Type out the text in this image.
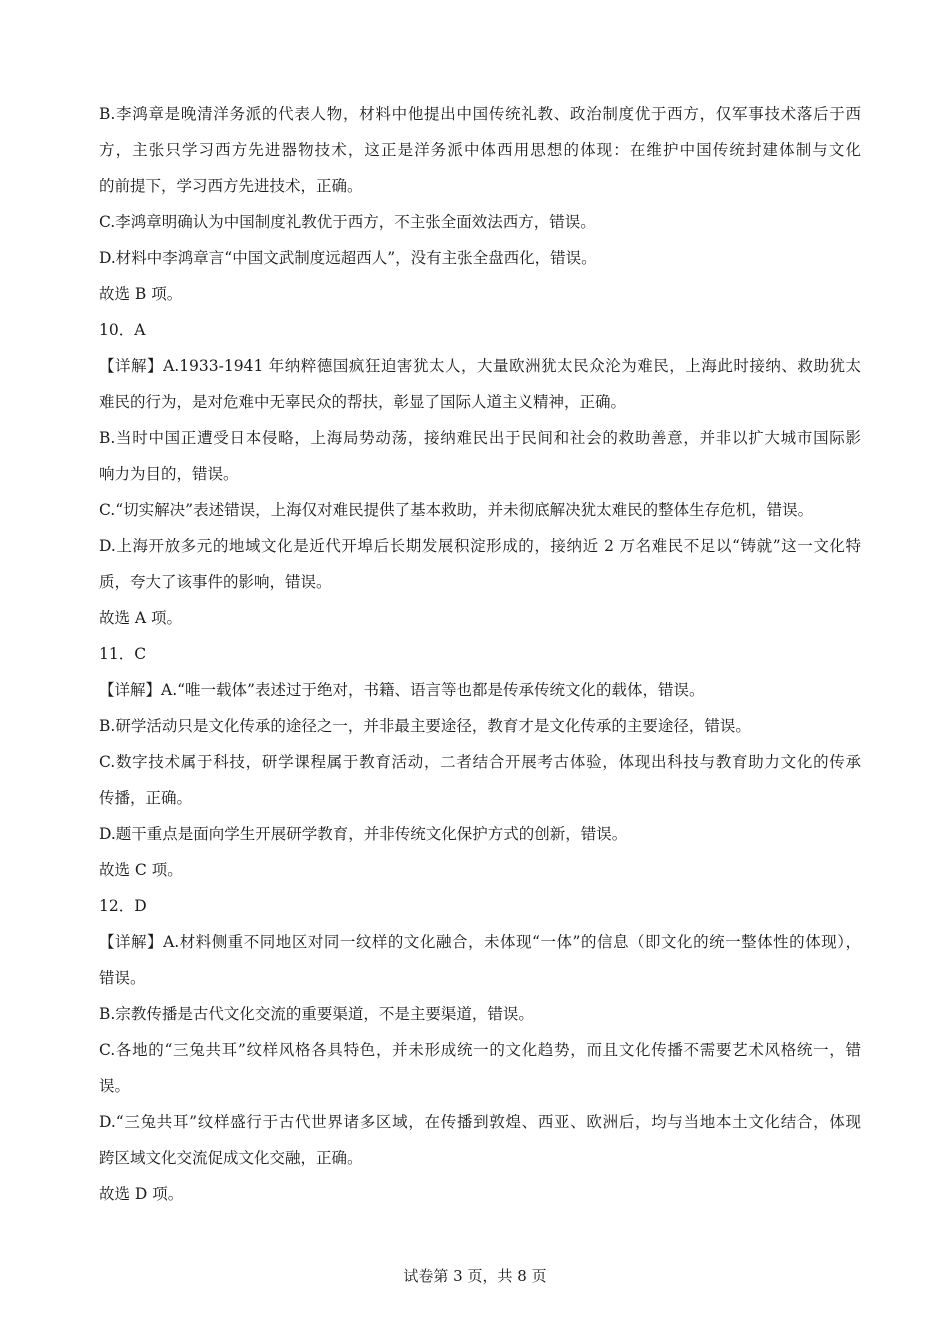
B.李鸿章是晚清洋务派的代表人物，材料中他提出中国传统礼教、政治制度优于西方，仅军事技术落后于西
方，主张只学习西方先进器物技术，这正是洋务派中体西用思想的体现：在维护中国传统封建体制与文化
的前提下，学习西方先进技术，正确。
C.李鸿章明确认为中国制度礼教优于西方，不主张全面效法西方，错误。
D.材料中李鸿章言“中国文武制度远超西人”，没有主张全盘西化，错误。
故选 B 项。
10．A
【详解】A.1933-1941 年纳粹德国疯狂迫害犹太人，大量欧洲犹太民众沦为难民，上海此时接纳、救助犹太
难民的行为，是对危难中无辜民众的帮扶，彰显了国际人道主义精神，正确。
B.当时中国正遭受日本侵略，上海局势动荡，接纳难民出于民间和社会的救助善意，并非以扩大城市国际影
响力为目的，错误。
C.“切实解决”表述错误，上海仅对难民提供了基本救助，并未彻底解决犹太难民的整体生存危机，错误。
D.上海开放多元的地域文化是近代开埠后长期发展积淀形成的，接纳近 2 万名难民不足以“铸就”这一文化特
质，夸大了该事件的影响，错误。
故选 A 项。
11．C
【详解】A.“唯一载体”表述过于绝对，书籍、语言等也都是传承传统文化的载体，错误。
B.研学活动只是文化传承的途径之一，并非最主要途径，教育才是文化传承的主要途径，错误。
C.数字技术属于科技，研学课程属于教育活动，二者结合开展考古体验，体现出科技与教育助力文化的传承
传播，正确。
D.题干重点是面向学生开展研学教育，并非传统文化保护方式的创新，错误。
故选 C 项。
12．D
【详解】A.材料侧重不同地区对同一纹样的文化融合，未体现“一体”的信息（即文化的统一整体性的体现），
错误。
B.宗教传播是古代文化交流的重要渠道，不是主要渠道，错误。
C.各地的“三兔共耳”纹样风格各具特色，并未形成统一的文化趋势，而且文化传播不需要艺术风格统一，错
误。
D.“三兔共耳”纹样盛行于古代世界诸多区域，在传播到敦煌、西亚、欧洲后，均与当地本土文化结合，体现
跨区域文化交流促成文化交融，正确。
故选 D 项。
试卷第 3 页，共 8 页
